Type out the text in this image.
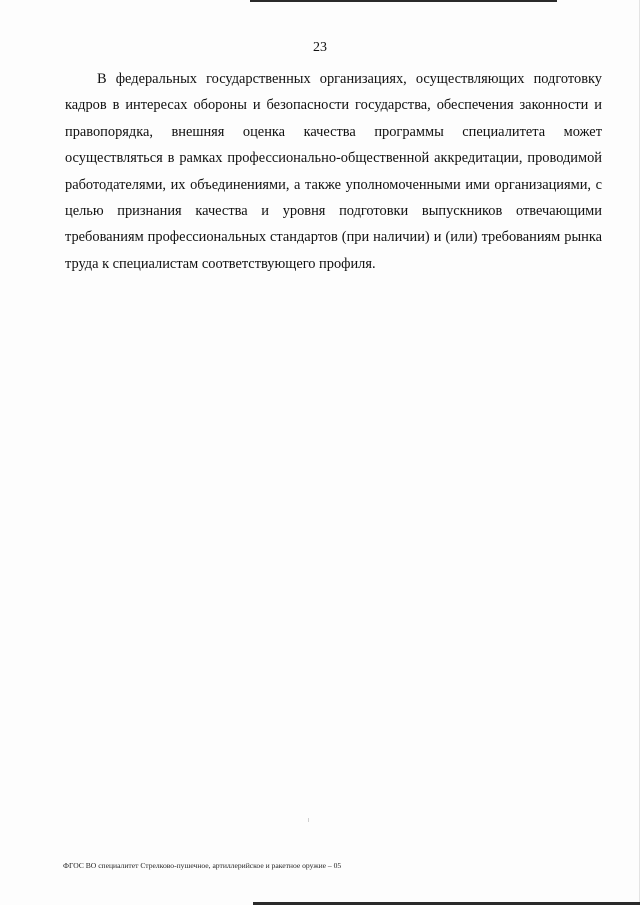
23

В федеральных государственных организациях, осуществляющих подготовку кадров в интересах обороны и безопасности государства, обеспечения законности и правопорядка, внешняя оценка качества программы специалитета может осуществляться в рамках профессионально-общественной аккредитации, проводимой работодателями, их объединениями, а также уполномоченными ими организациями, с целью признания качества и уровня подготовки выпускников отвечающими требованиям профессиональных стандартов (при наличии) и (или) требованиям рынка труда к специалистам соответствующего профиля.

ФГОС ВО специалитет Стрелково-пушечное, артиллерийское и ракетное оружие – 05
